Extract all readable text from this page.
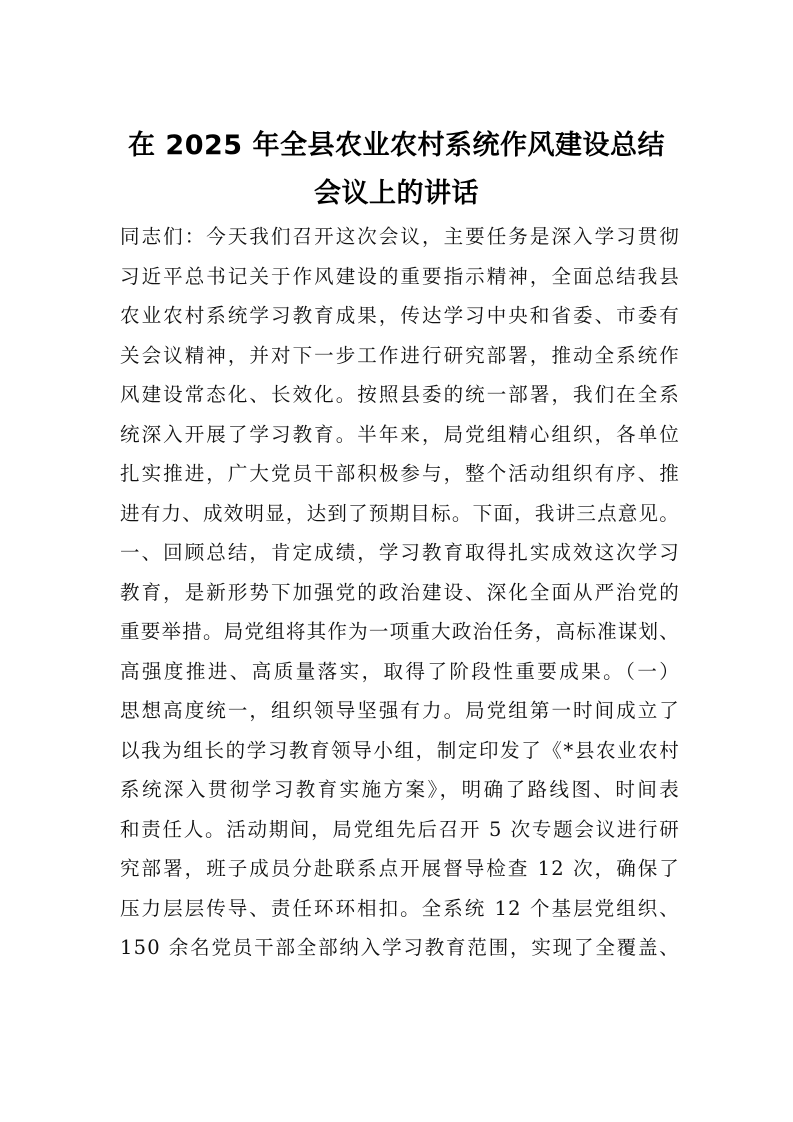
在 2025 年全县农业农村系统作风建设总结
会议上的讲话
同志们：今天我们召开这次会议，主要任务是深入学习贯彻
习近平总书记关于作风建设的重要指示精神，全面总结我县
农业农村系统学习教育成果，传达学习中央和省委、市委有
关会议精神，并对下一步工作进行研究部署，推动全系统作
风建设常态化、长效化。按照县委的统一部署，我们在全系
统深入开展了学习教育。半年来，局党组精心组织，各单位
扎实推进，广大党员干部积极参与，整个活动组织有序、推
进有力、成效明显，达到了预期目标。下面，我讲三点意见。
一、回顾总结，肯定成绩，学习教育取得扎实成效这次学习
教育，是新形势下加强党的政治建设、深化全面从严治党的
重要举措。局党组将其作为一项重大政治任务，高标准谋划、
高强度推进、高质量落实，取得了阶段性重要成果。（一）
思想高度统一，组织领导坚强有力。局党组第一时间成立了
以我为组长的学习教育领导小组，制定印发了《*县农业农村
系统深入贯彻学习教育实施方案》，明确了路线图、时间表
和责任人。活动期间，局党组先后召开 5 次专题会议进行研
究部署，班子成员分赴联系点开展督导检查 12 次，确保了
压力层层传导、责任环环相扣。全系统 12 个基层党组织、
150 余名党员干部全部纳入学习教育范围，实现了全覆盖、
